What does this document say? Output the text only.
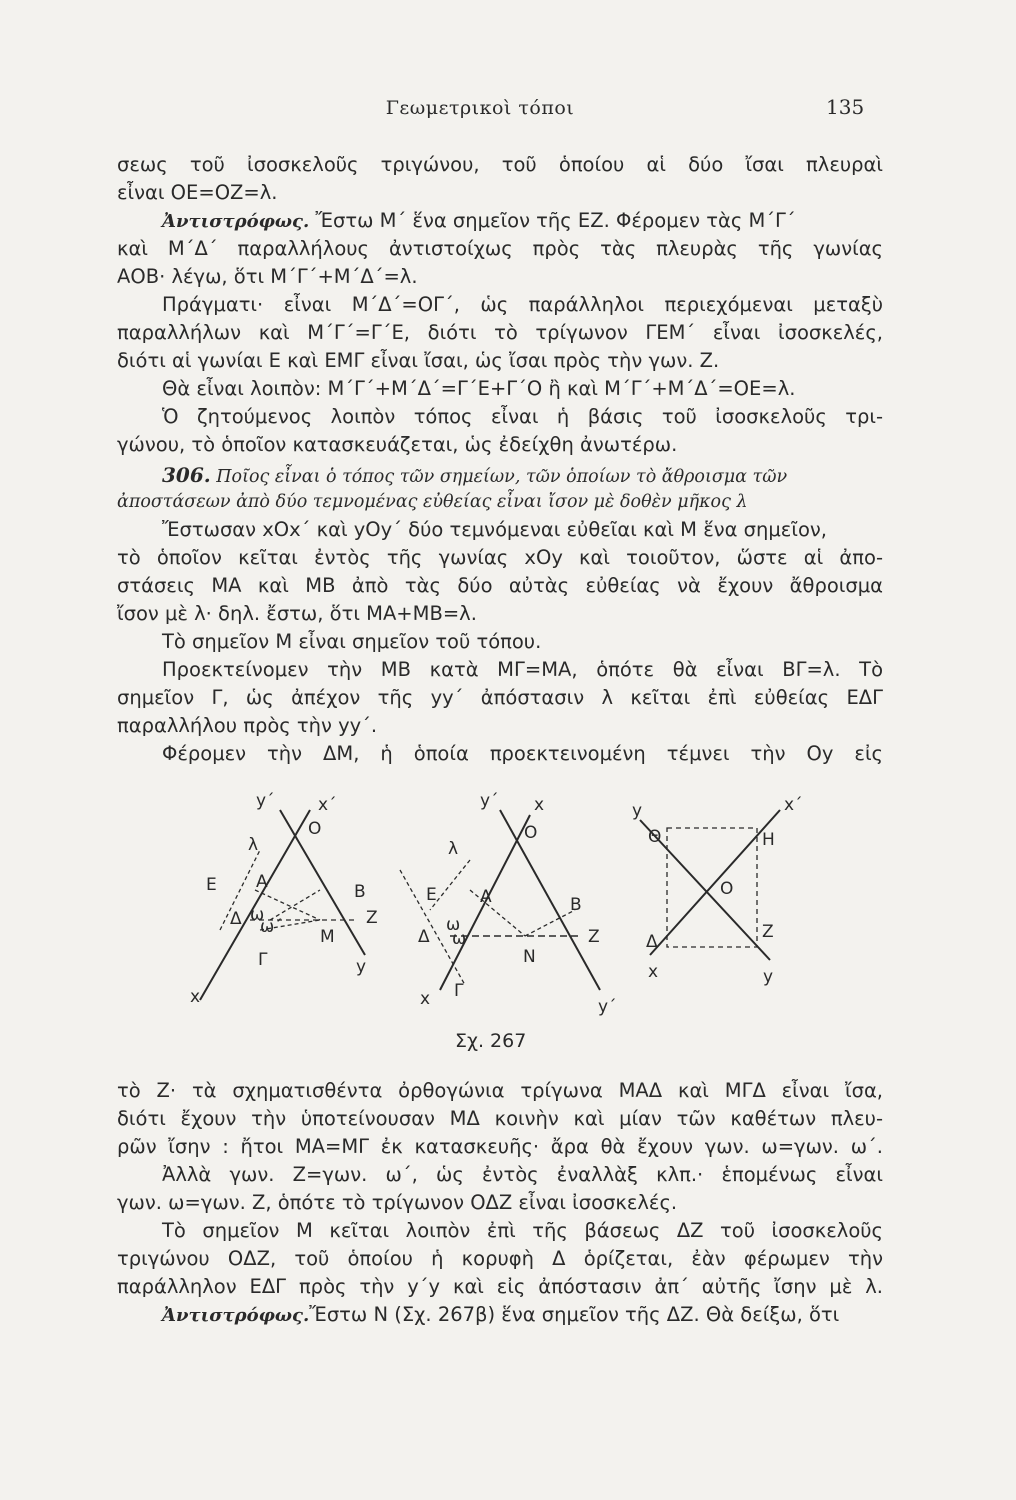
Γεωμετρικοὶ τόποι	135
σεως τοῦ ἰσοσκελοῦς τριγώνου, τοῦ ὁποίου αἱ δύο ἴσαι πλευραὶ
εἶναι ΟΕ=ΟΖ=λ.
Ἀντιστρόφως. Ἔστω Μ΄ ἕνα σημεῖον τῆς ΕΖ. Φέρομεν τὰς Μ΄Γ΄
καὶ Μ΄Δ΄ παραλλήλους ἀντιστοίχως πρὸς τὰς πλευρὰς τῆς γωνίας
ΑΟΒ· λέγω, ὅτι Μ΄Γ΄+Μ΄Δ΄=λ.
Πράγματι· εἶναι Μ΄Δ΄=ΟΓ΄, ὡς παράλληλοι περιεχόμεναι μεταξὺ
παραλλήλων καὶ Μ΄Γ΄=Γ΄Ε, διότι τὸ τρίγωνον ΓΕΜ΄ εἶναι ἰσοσκελές,
διότι αἱ γωνίαι Ε καὶ ΕΜΓ εἶναι ἴσαι, ὡς ἴσαι πρὸς τὴν γων. Ζ.
Θὰ εἶναι λοιπὸν: Μ΄Γ΄+Μ΄Δ΄=Γ΄Ε+Γ΄Ο ἢ καὶ Μ΄Γ΄+Μ΄Δ΄=ΟΕ=λ.
Ὁ ζητούμενος λοιπὸν τόπος εἶναι ἡ βάσις τοῦ ἰσοσκελοῦς τρι-
γώνου, τὸ ὁποῖον κατασκευάζεται, ὡς ἐδείχθη ἀνωτέρω.
306. Ποῖος εἶναι ὁ τόπος τῶν σημείων, τῶν ὁποίων τὸ ἄθροισμα τῶν
ἀποστάσεων ἀπὸ δύο τεμνομένας εὐθείας εἶναι ἴσον μὲ δοθὲν μῆκος λ
Ἔστωσαν xOx΄ καὶ yOy΄ δύο τεμνόμεναι εὐθεῖαι καὶ Μ ἕνα σημεῖον,
τὸ ὁποῖον κεῖται ἐντὸς τῆς γωνίας xOy καὶ τοιοῦτον, ὥστε αἱ ἀπο-
στάσεις ΜΑ καὶ ΜΒ ἀπὸ τὰς δύο αὐτὰς εὐθείας νὰ ἔχουν ἄθροισμα
ἴσον μὲ λ· δηλ. ἔστω, ὅτι ΜΑ+ΜΒ=λ.
Τὸ σημεῖον Μ εἶναι σημεῖον τοῦ τόπου.
Προεκτείνομεν τὴν ΜΒ κατὰ ΜΓ=ΜΑ, ὁπότε θὰ εἶναι ΒΓ=λ. Τὸ
σημεῖον Γ, ὡς ἀπέχον τῆς yy΄ ἀπόστασιν λ κεῖται ἐπὶ εὐθείας ΕΔΓ
παραλλήλου πρὸς τὴν yy΄.
Φέρομεν τὴν ΔΜ, ἡ ὁποία προεκτεινομένη τέμνει τὴν Οy εἰς
y΄	x΄
Ο
λ
Ε Α	Β
Δ ω
ω΄	Ζ
Μ
Γ	y
x
y΄ x
Ο
λ
Ε	Α	Β
Δ
ω
ω	Ζ
Ν
x Γ
y΄
y	x΄
Θ	Η
Ο
Δ	Ζ
x	y
Σχ. 267
τὸ Ζ· τὰ σχηματισθέντα ὀρθογώνια τρίγωνα ΜΑΔ καὶ ΜΓΔ εἶναι ἴσα,
διότι ἔχουν τὴν ὑποτείνουσαν ΜΔ κοινὴν καὶ μίαν τῶν καθέτων πλευ-
ρῶν ἴσην : ἤτοι ΜΑ=ΜΓ ἐκ κατασκευῆς· ἄρα θὰ ἔχουν γων. ω=γων. ω΄.
Ἀλλὰ γων. Ζ=γων. ω΄, ὡς ἐντὸς ἐναλλὰξ κλπ.· ἑπομένως εἶναι
γων. ω=γων. Ζ, ὁπότε τὸ τρίγωνον ΟΔΖ εἶναι ἰσοσκελές.
Τὸ σημεῖον Μ κεῖται λοιπὸν ἐπὶ τῆς βάσεως ΔΖ τοῦ ἰσοσκελοῦς
τριγώνου ΟΔΖ, τοῦ ὁποίου ἡ κορυφὴ Δ ὁρίζεται, ἐὰν φέρωμεν τὴν
παράλληλον ΕΔΓ πρὸς τὴν y΄y καὶ εἰς ἀπόστασιν ἀπ΄ αὐτῆς ἴσην μὲ λ.
Ἀντιστρόφως.Ἔστω Ν (Σχ. 267β) ἕνα σημεῖον τῆς ΔΖ. Θὰ δείξω, ὅτι
